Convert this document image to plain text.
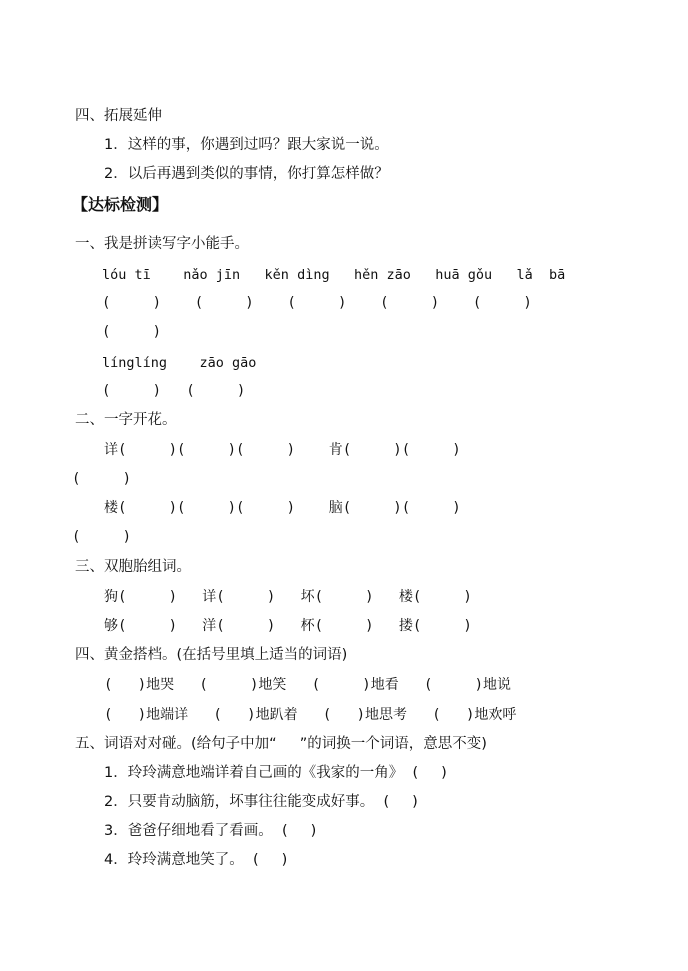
四、拓展延伸
1．这样的事，你遇到过吗？跟大家说一说。
2．以后再遇到类似的事情，你打算怎样做？
【达标检测】
一、我是拼读写字小能手。
lóu tī    nǎo jīn   kěn dìng   hěn zāo   huā gǒu   lǎ  bā
(     )    (     )    (     )    (     )    (     )
(     )
línglíng    zāo gāo
(     )   (     )
二、一字开花。
详(     )(     )(     )    肯(     )(     )
(     )
楼(     )(     )(     )    脑(     )(     )
(     )
三、双胞胎组词。
狗(     )   详(     )   坏(     )   楼(     )
够(     )   洋(     )   杯(     )   搂(     )
四、黄金搭档。(在括号里填上适当的词语)
(   )地哭   (     )地笑   (     )地看   (     )地说
(   )地端详   (   )地趴着   (   )地思考   (   )地欢呼
五、词语对对碰。(给句子中加“     ”的词换一个词语，意思不变)
1．玲玲满意地端详着自己画的《我家的一角》  (     )
2．只要肯动脑筋，坏事往往能变成好事。  (     )
3．爸爸仔细地看了看画。  (     )
4．玲玲满意地笑了。  (     )
